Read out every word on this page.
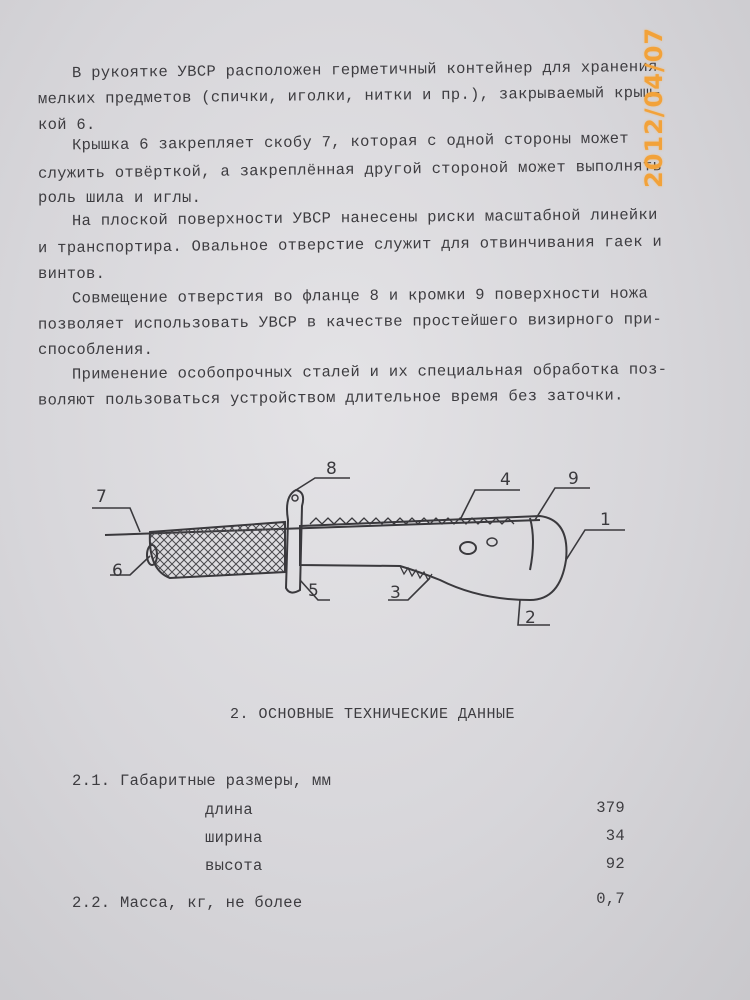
В рукоятке УВСР расположен герметичный контейнер для хранения
мелких предметов (спички, иголки, нитки и пр.), закрываемый крыш-
кой 6.
Крышка 6 закрепляет скобу 7, которая с одной стороны может
служить отвёрткой, а закреплённая другой стороной может выполнять
роль шила и иглы.
На плоской поверхности УВСР нанесены риски масштабной линейки
и транспортира. Овальное отверстие служит для отвинчивания гаек и
винтов.
Совмещение отверстия во фланце 8 и кромки 9 поверхности ножа
позволяет использовать УВСР в качестве простейшего визирного при-
способления.
Применение особопрочных сталей и их специальная обработка поз-
воляют пользоваться устройством длительное время без заточки.
7
1
2
3
4
5
6
8	9
2. ОСНОВНЫЕ ТЕХНИЧЕСКИЕ ДАННЫЕ
2.1. Габаритные размеры, мм
длина	379
ширина	34
высота	92
2.2. Масса, кг, не более	0,7
2012/04/07
